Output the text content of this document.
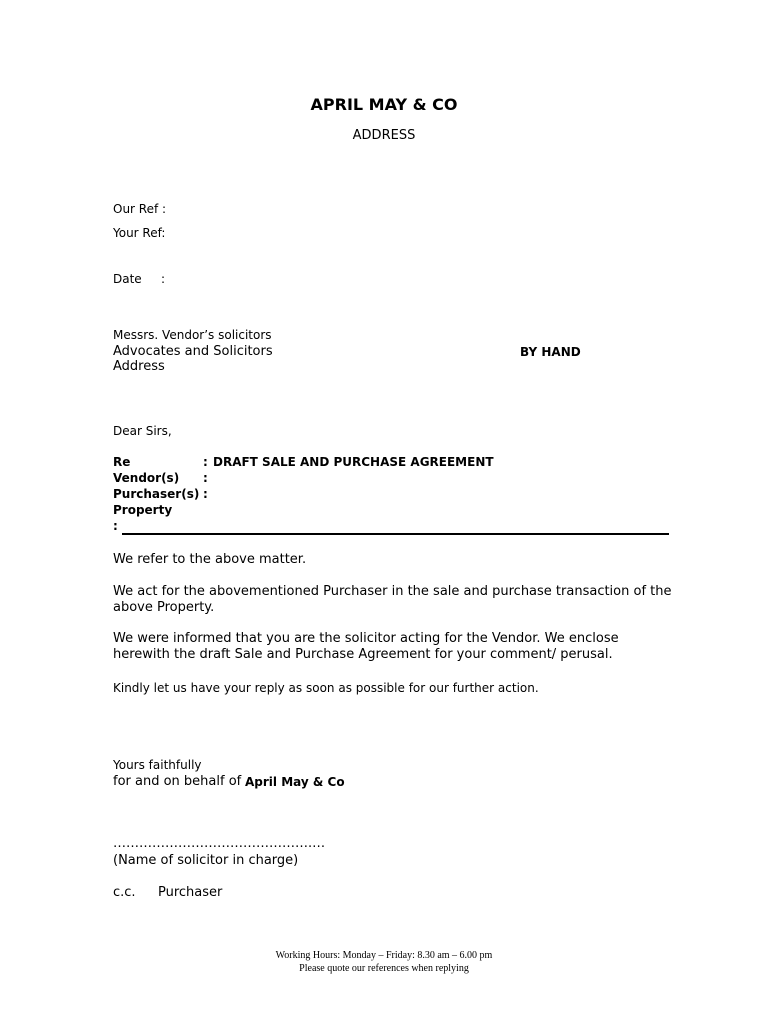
APRIL MAY & CO
ADDRESS
Our Ref :
Your Ref:
Date :
Messrs. Vendor’s solicitors
Advocates and Solicitors
Address
BY HAND
Dear Sirs,
Re	: DRAFT SALE AND PURCHASE AGREEMENT
Vendor(s) :
Purchaser(s) :
Property
:
We refer to the above matter.
We act for the abovementioned Purchaser in the sale and purchase transaction of the above Property.
We were informed that you are the solicitor acting for the Vendor. We enclose herewith the draft Sale and Purchase Agreement for your comment/ perusal.
Kindly let us have your reply as soon as possible for our further action.
Yours faithfully
for and on behalf of April May & Co
……………………………………….…
(Name of solicitor in charge)
c.c. Purchaser
Working Hours: Monday – Friday: 8.30 am – 6.00 pm
Please quote our references when replying
